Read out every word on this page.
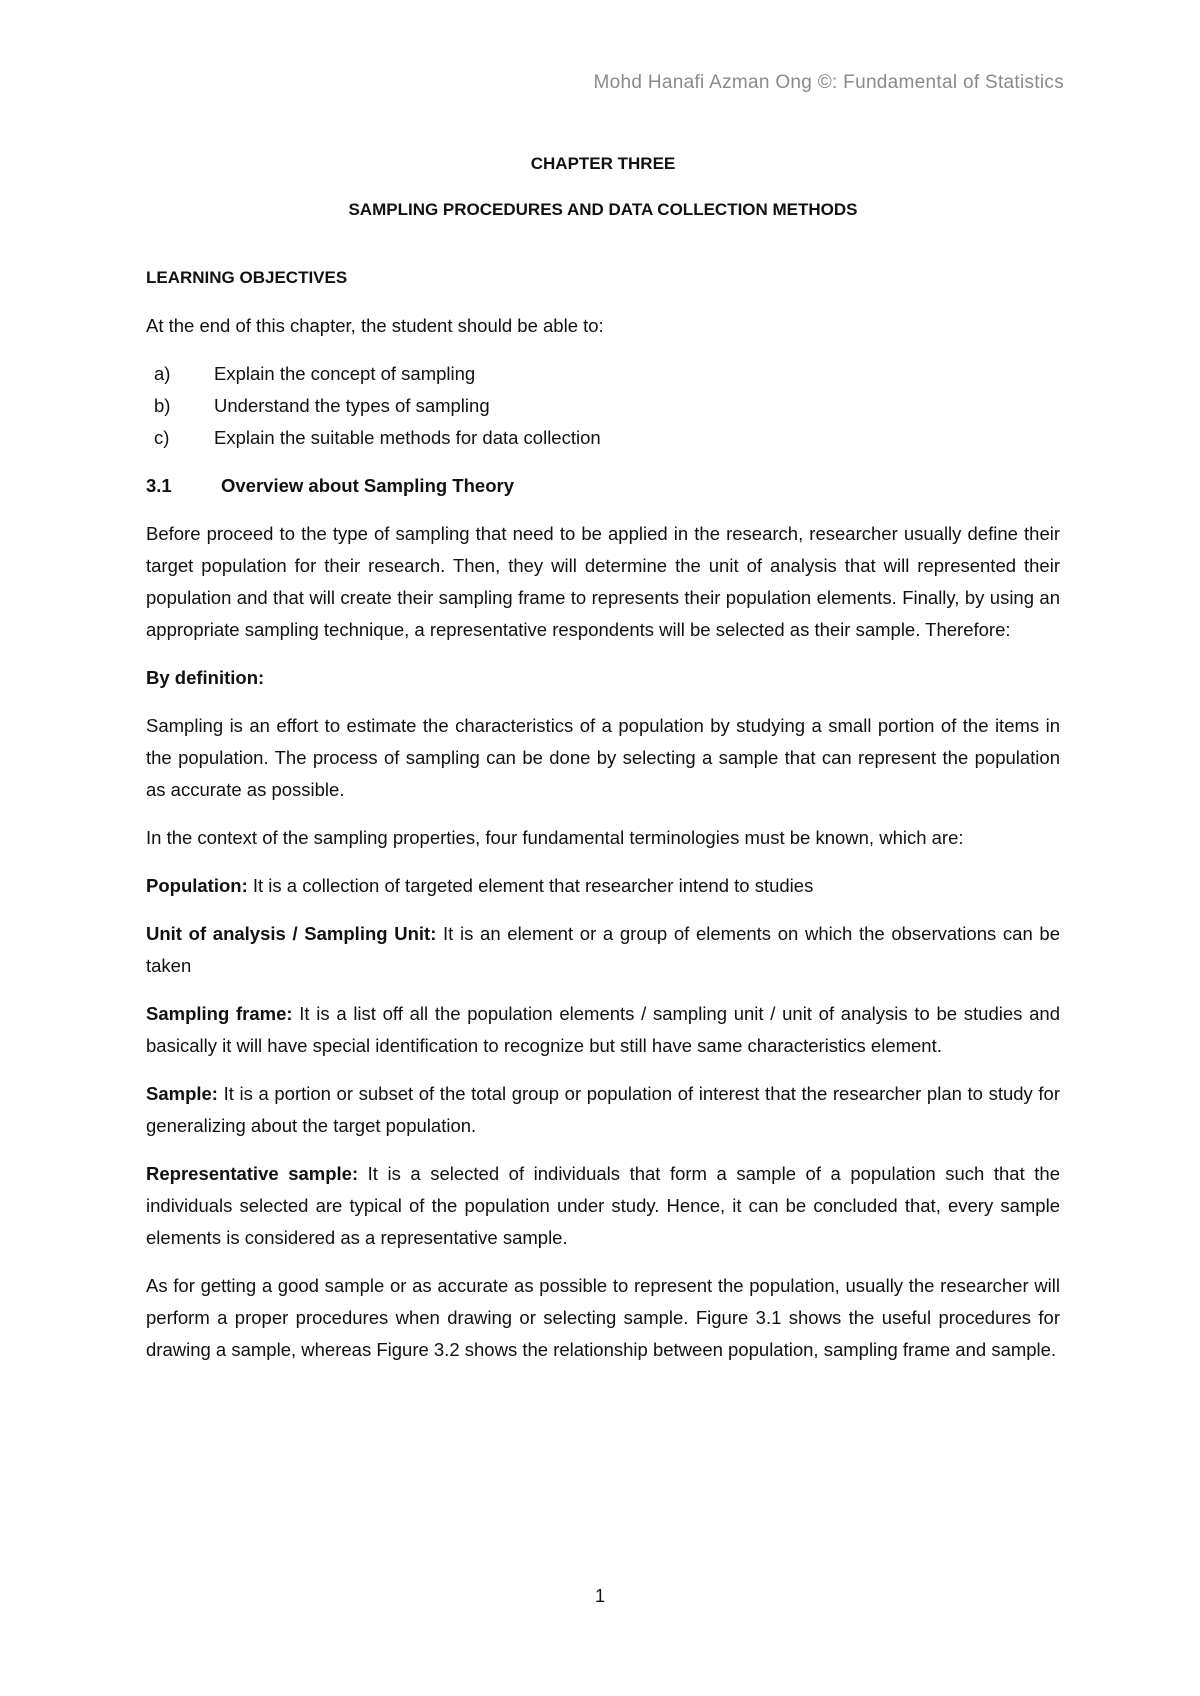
Mohd Hanafi Azman Ong ©: Fundamental of Statistics

CHAPTER THREE

SAMPLING PROCEDURES AND DATA COLLECTION METHODS

LEARNING OBJECTIVES

At the end of this chapter, the student should be able to:

a)	Explain the concept of sampling
b)	Understand the types of sampling
c)	Explain the suitable methods for data collection
3.1	Overview about Sampling Theory

Before proceed to the type of sampling that need to be applied in the research, researcher usually define their target population for their research. Then, they will determine the unit of analysis that will represented their population and that will create their sampling frame to represents their population elements. Finally, by using an appropriate sampling technique, a representative respondents will be selected as their sample. Therefore:

By definition:

Sampling is an effort to estimate the characteristics of a population by studying a small portion of the items in the population. The process of sampling can be done by selecting a sample that can represent the population as accurate as possible.

In the context of the sampling properties, four fundamental terminologies must be known, which are:

Population: It is a collection of targeted element that researcher intend to studies

Unit of analysis / Sampling Unit: It is an element or a group of elements on which the observations can be taken

Sampling frame: It is a list off all the population elements / sampling unit / unit of analysis to be studies and basically it will have special identification to recognize but still have same characteristics element.

Sample: It is a portion or subset of the total group or population of interest that the researcher plan to study for generalizing about the target population.

Representative sample: It is a selected of individuals that form a sample of a population such that the individuals selected are typical of the population under study. Hence, it can be concluded that, every sample elements is considered as a representative sample.

As for getting a good sample or as accurate as possible to represent the population, usually the researcher will perform a proper procedures when drawing or selecting sample. Figure 3.1 shows the useful procedures for drawing a sample, whereas Figure 3.2 shows the relationship between population, sampling frame and sample.

1
